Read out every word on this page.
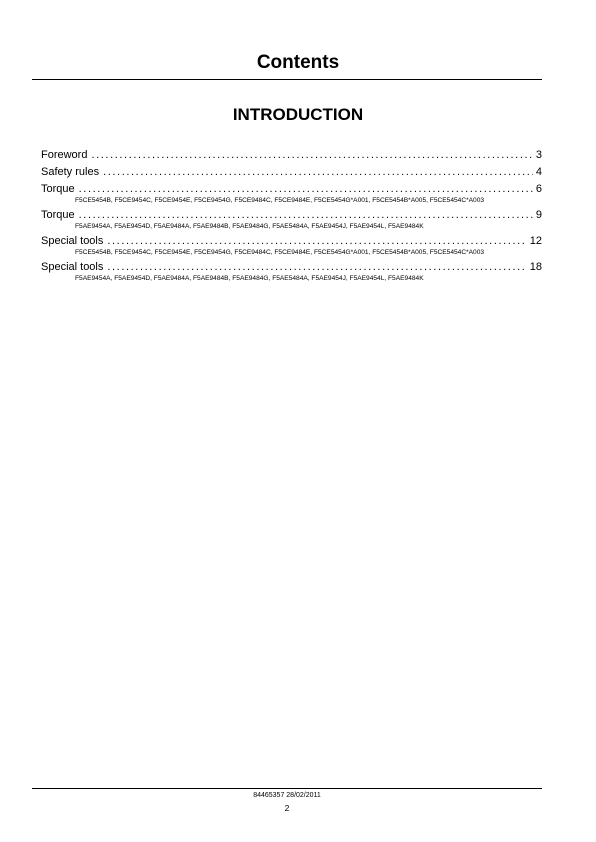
Contents
INTRODUCTION
Foreword .....	3
Safety rules .....	4
Torque .....	6
F5CE5454B, F5CE9454C, F5CE9454E, F5CE9454G, F5CE9484C, F5CE9484E, F5CE5454G*A001, F5CE5454B*A005, F5CE5454C*A003
Torque .....	9
F5AE9454A, F5AE9454D, F5AE9484A, F5AE9484B, F5AE9484G, F5AE5484A, F5AE9454J, F5AE9454L, F5AE9484K
Special tools .....	12
F5CE5454B, F5CE9454C, F5CE9454E, F5CE9454G, F5CE9484C, F5CE9484E, F5CE5454G*A001, F5CE5454B*A005, F5CE5454C*A003
Special tools .....	18
F5AE9454A, F5AE9454D, F5AE9484A, F5AE9484B, F5AE9484G, F5AE5484A, F5AE9454J, F5AE9454L, F5AE9484K
84465357 28/02/2011
2
